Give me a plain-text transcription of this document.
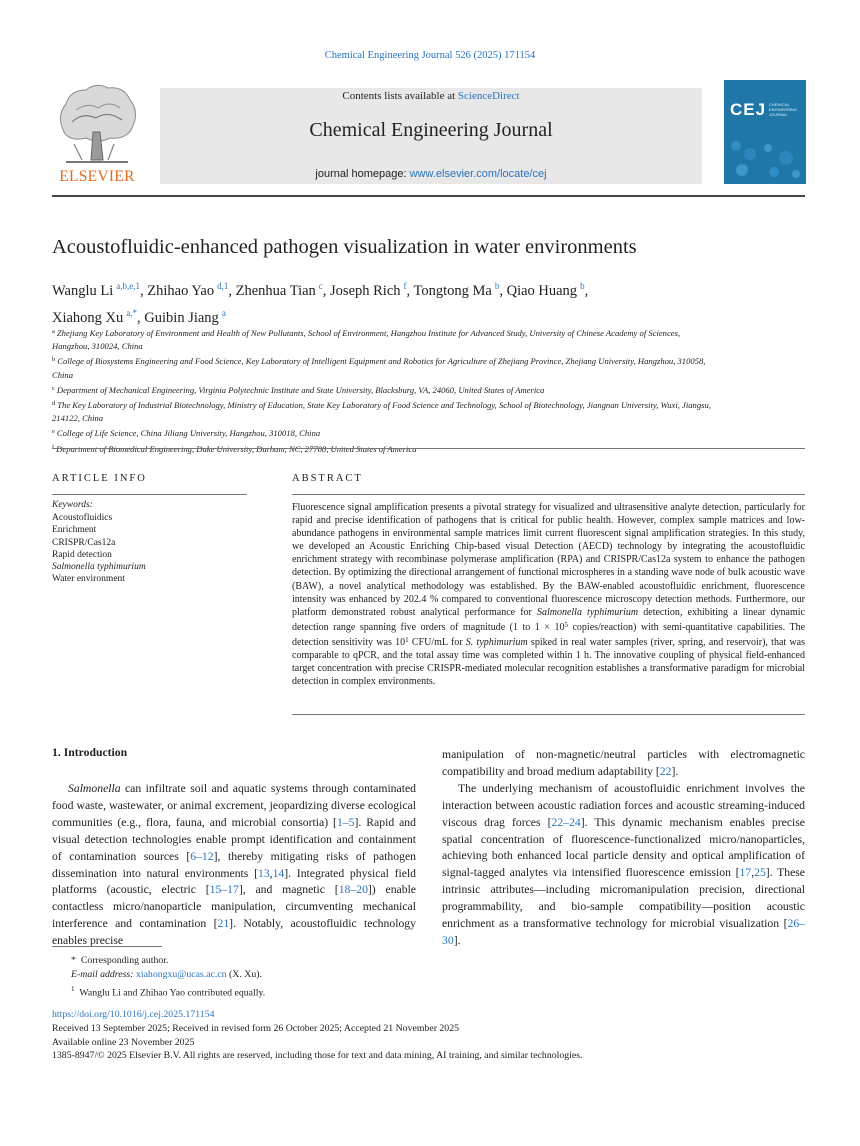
Chemical Engineering Journal 526 (2025) 171154
ELSEVIER
Contents lists available at ScienceDirect
Chemical Engineering Journal
journal homepage: www.elsevier.com/locate/cej
CEJ CHEMICAL ENGINEERING JOURNAL
Acoustofluidic-enhanced pathogen visualization in water environments
Wanglu Li $^{a,b,e,1}$, Zhihao Yao $^{d,1}$, Zhenhua Tian $^c$, Joseph Rich $^f$, Tongtong Ma $^b$, Qiao Huang $^b$,
Xiahong Xu $^{a,*}$, Guibin Jiang $^a$

$^a$ Zhejiang Key Laboratory of Environment and Health of New Pollutants, School of Environment, Hangzhou Institute for Advanced Study, University of Chinese Academy of Sciences, Hangzhou, 310024, China

$^b$ College of Biosystems Engineering and Food Science, Key Laboratory of Intelligent Equipment and Robotics for Agriculture of Zhejiang Province, Zhejiang University, Hangzhou, 310058, China

$^c$ Department of Mechanical Engineering, Virginia Polytechnic Institute and State University, Blacksburg, VA, 24060, United States of America

$^d$ The Key Laboratory of Industrial Biotechnology, Ministry of Education, State Key Laboratory of Food Science and Technology, School of Biotechnology, Jiangnan University, Wuxi, Jiangsu, 214122, China

$^e$ College of Life Science, China Jiliang University, Hangzhou, 310018, China

$^f$ Department of Biomedical Engineering, Duke University, Durham, NC, 27708, United States of America

ARTICLE INFO
Keywords:

Acoustofluidics

Enrichment

CRISPR/Cas12a

Rapid detection

Salmonella typhimurium

Water environment

ABSTRACT
Fluorescence signal amplification presents a pivotal strategy for visualized and ultrasensitive analyte detection, particularly for rapid and precise identification of pathogens that is critical for public health. However, complex sample matrices and low-abundance pathogens in environmental sample matrices limit current fluorescent signal amplification strategies. In this study, we developed an Acoustic Enriching Chip-based visual Detection (AECD) technology by integrating the acoustofluidic enrichment strategy with recombinase polymerase amplification (RPA) and CRISPR/Cas12a system to enhance the pathogen detection. By optimizing the directional arrangement of functional microspheres in a standing wave node of bulk acoustic wave (BAW), a novel analytical methodology was established. By the BAW-enabled acoustofluidic enrichment, fluorescence intensity was enhanced by 202.4 % compared to conventional fluorescence microscopy detection methods. Furthermore, our platform demonstrated robust analytical performance for Salmonella typhimurium detection, exhibiting a linear dynamic detection range spanning five orders of magnitude (1 to $1 \times 10^5$ copies/reaction) with semi-quantitative capabilities. The detection sensitivity was $10^1$ CFU/mL for S. typhimurium spiked in real water samples (river, spring, and reservoir), that was comparable to qPCR, and the total assay time was completed within 1 h. The innovative coupling of physical field-enhanced target concentration with precise CRISPR-mediated molecular recognition establishes a transformative paradigm for microbial detection in complex environments.
1. Introduction

Salmonella can infiltrate soil and aquatic systems through contaminated food waste, wastewater, or animal excrement, jeopardizing diverse ecological communities (e.g., flora, fauna, and microbial consortia) [1–5]. Rapid and visual detection technologies enable prompt identification and containment of contamination sources [6–12], thereby mitigating risks of pathogen dissemination into natural environments [13,14]. Integrated physical field platforms (acoustic, electric [15–17], and magnetic [18–20]) enable contactless micro/nanoparticle manipulation, circumventing mechanical interference and contamination [21]. Notably, acoustofluidic technology enables precise

manipulation of non-magnetic/neutral particles with electromagnetic compatibility and broad medium adaptability [22].

The underlying mechanism of acoustofluidic enrichment involves the interaction between acoustic radiation forces and acoustic streaming-induced viscous drag forces [22–24]. This dynamic mechanism enables precise spatial concentration of fluorescence-functionalized micro/nanoparticles, achieving both enhanced local particle density and optical amplification of signal-tagged analytes via intensified fluorescence emission [17,25]. These intrinsic attributes—including micromanipulation precision, directional programmability, and bio-sample compatibility—position acoustic enrichment as a transformative technology for microbial visualization [26–30].

* Corresponding author.

E-mail address: xiahongxu@ucas.ac.cn (X. Xu).

$^1$ Wanglu Li and Zhihao Yao contributed equally.

https://doi.org/10.1016/j.cej.2025.171154

Received 13 September 2025; Received in revised form 26 October 2025; Accepted 21 November 2025

Available online 23 November 2025

1385-8947/© 2025 Elsevier B.V. All rights are reserved, including those for text and data mining, AI training, and similar technologies.
